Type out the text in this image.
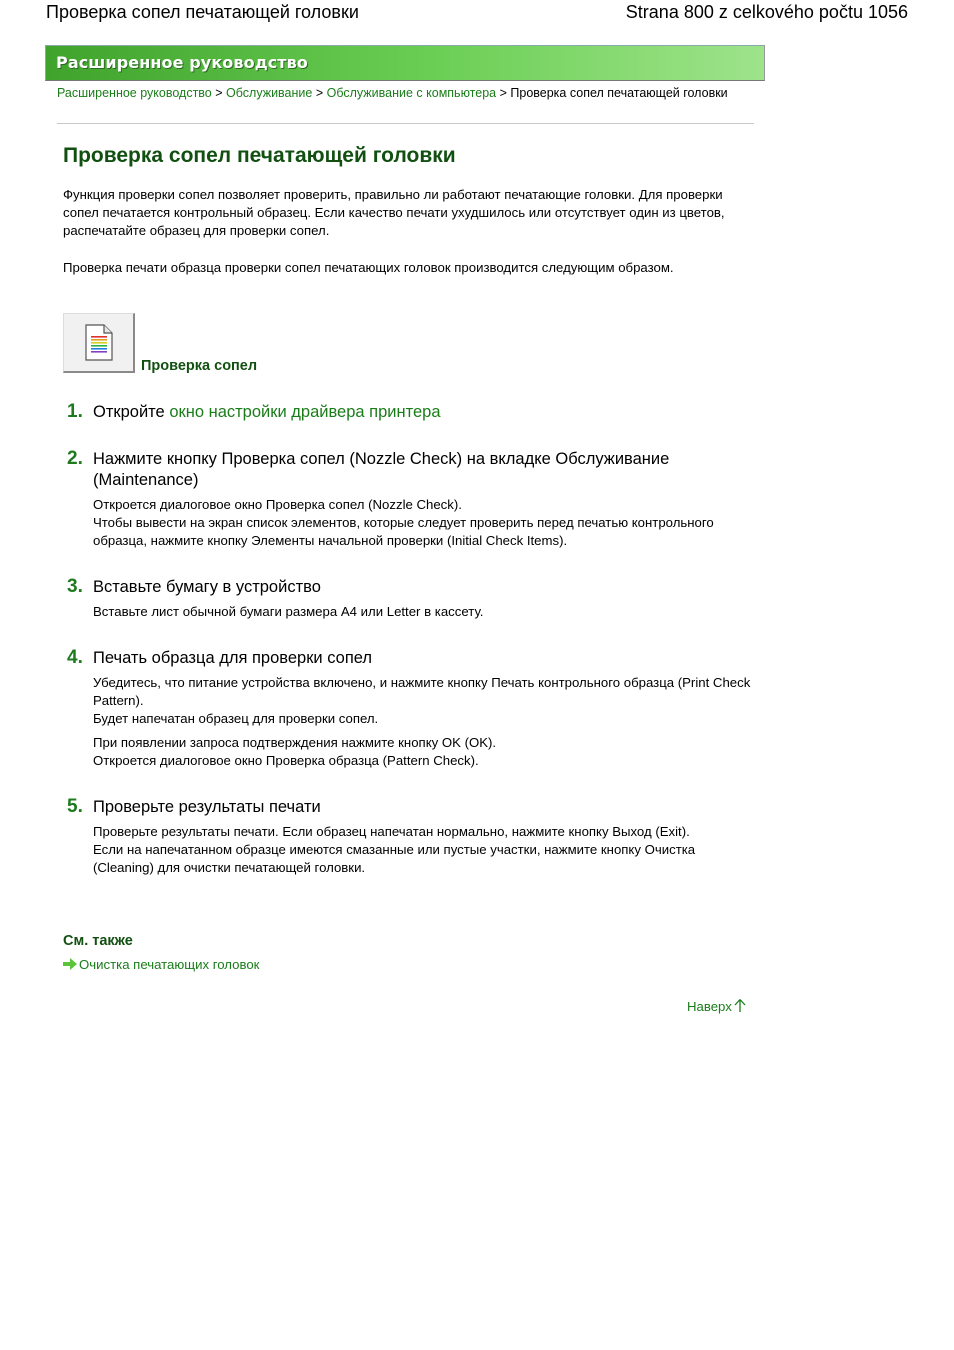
Проверка сопел печатающей головки	Strana 800 z celkového počtu 1056
Расширенное руководство
Расширенное руководство > Обслуживание > Обслуживание с компьютера > Проверка сопел печатающей головки
Проверка сопел печатающей головки
Функция проверки сопел позволяет проверить, правильно ли работают печатающие головки. Для проверки сопел печатается контрольный образец. Если качество печати ухудшилось или отсутствует один из цветов, распечатайте образец для проверки сопел.
Проверка печати образца проверки сопел печатающих головок производится следующим образом.
Проверка сопел
1. Откройте окно настройки драйвера принтера
2. Нажмите кнопку Проверка сопел (Nozzle Check) на вкладке Обслуживание (Maintenance)
Откроется диалоговое окно Проверка сопел (Nozzle Check).
Чтобы вывести на экран список элементов, которые следует проверить перед печатью контрольного образца, нажмите кнопку Элементы начальной проверки (Initial Check Items).
3. Вставьте бумагу в устройство
Вставьте лист обычной бумаги размера A4 или Letter в кассету.
4. Печать образца для проверки сопел
Убедитесь, что питание устройства включено, и нажмите кнопку Печать контрольного образца (Print Check Pattern).
Будет напечатан образец для проверки сопел.
При появлении запроса подтверждения нажмите кнопку OK (OK).
Откроется диалоговое окно Проверка образца (Pattern Check).
5. Проверьте результаты печати
Проверьте результаты печати. Если образец напечатан нормально, нажмите кнопку Выход (Exit).
Если на напечатанном образце имеются смазанные или пустые участки, нажмите кнопку Очистка (Cleaning) для очистки печатающей головки.
См. также
Очистка печатающих головок
Наверх
